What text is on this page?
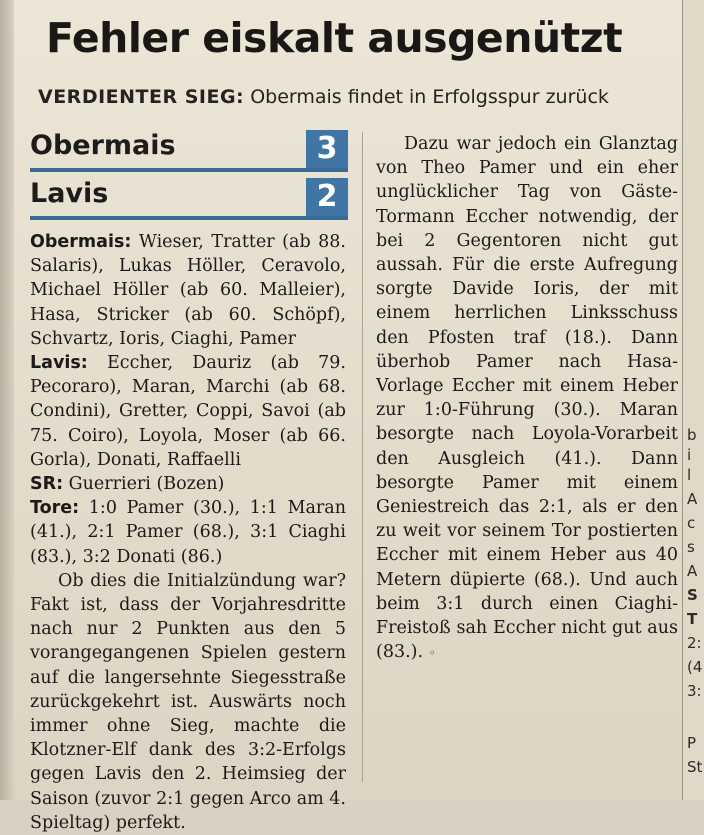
Fehler eiskalt ausgenützt
VERDIENTER SIEG: Obermais findet in Erfolgsspur zurück
Obermais	3
Lavis	2

Obermais: Wieser, Tratter (ab 88. Salaris), Lukas Höller, Ceravolo, Michael Höller (ab 60. Malleier), Hasa, Stricker (ab 60. Schöpf), Schvartz, Ioris, Ciaghi, Pamer

Lavis: Eccher, Dauriz (ab 79. Pecoraro), Maran, Marchi (ab 68. Condini), Gretter, Coppi, Savoi (ab 75. Coiro), Loyola, Moser (ab 66. Gorla), Donati, Raffaelli

SR: Guerrieri (Bozen)

Tore: 1:0 Pamer (30.), 1:1 Maran (41.), 2:1 Pamer (68.), 3:1 Ciaghi (83.), 3:2 Donati (86.)

Ob dies die Initialzündung war? Fakt ist, dass der Vorjahresdritte nach nur 2 Punkten aus den 5 vorangegangenen Spielen gestern auf die langersehnte Siegesstraße zurückgekehrt ist. Auswärts noch immer ohne Sieg, machte die Klotzner-Elf dank des 3:2-Erfolgs gegen Lavis den 2. Heimsieg der Saison (zuvor 2:1 gegen Arco am 4. Spieltag) perfekt.

Dazu war jedoch ein Glanztag von Theo Pamer und ein eher unglücklicher Tag von Gäste-Tormann Eccher notwendig, der bei 2 Gegentoren nicht gut aussah. Für die erste Aufregung sorgte Davide Ioris, der mit einem herrlichen Linksschuss den Pfosten traf (18.). Dann überhob Pamer nach Hasa-Vorlage Eccher mit einem Heber zur 1:0-Führung (30.). Maran besorgte nach Loyola-Vorarbeit den Ausgleich (41.). Dann besorgte Pamer mit einem Geniestreich das 2:1, als er den zu weit vor seinem Tor postierten Eccher mit einem Heber aus 40 Metern düpierte (68.). Und auch beim 3:1 durch einen Ciaghi-Freistoß sah Eccher nicht gut aus (83.). ◦

b
i
l
A
c
s
A
S
T
2:
(4
3:
P
St
